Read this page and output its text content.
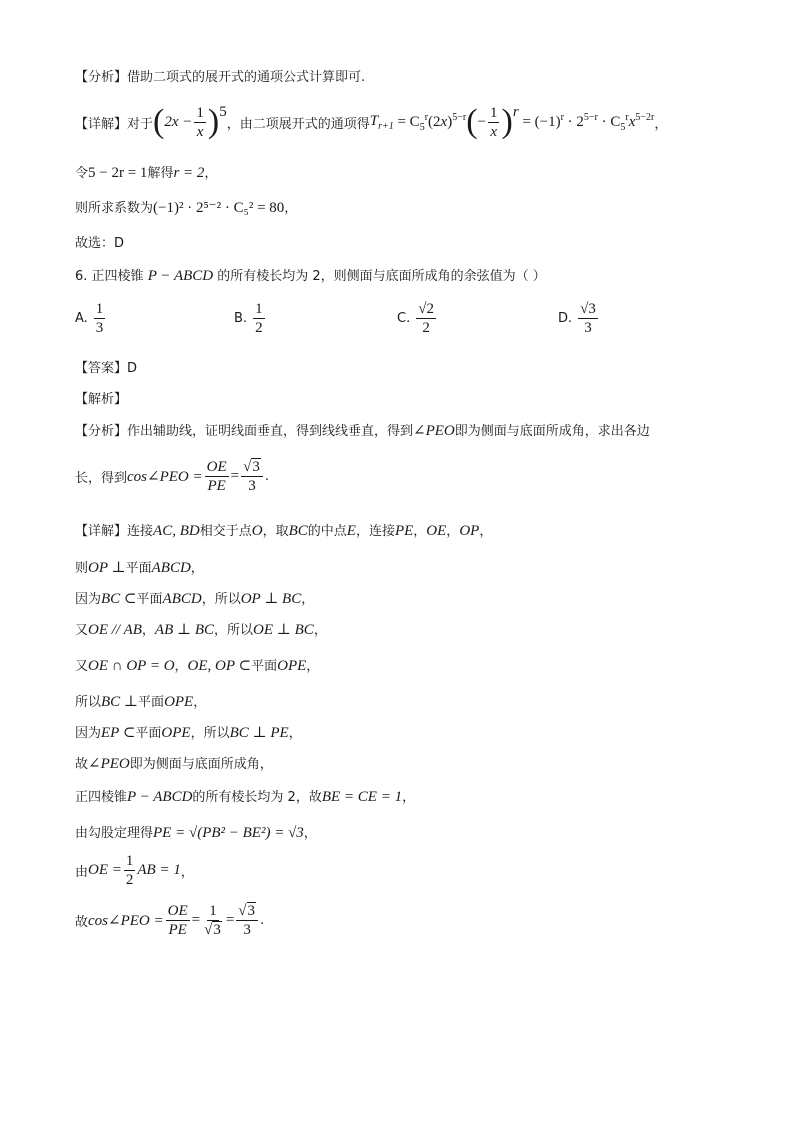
【分析】借助二项式的展开式的通项公式计算即可.
【详解】 对于 ( $2x - \frac{1}{x}$ ) 5
，由二项展开式的通项得 $T_{r+1} = C_5^r(2x)^{5-r}$ ( − $\frac{1}{x}$ ) r
= $(-1)^r \cdot 2^{5-r} \cdot C_5^rx^{5-2r}$ ，
令5 − 2r = 1解得r = 2，
则所求系数为(−1)² · 2⁵⁻² · C₅² = 80，
故选：D
6. 正四棱锥 P − ABCD 的所有棱长均为 2，则侧面与底面所成角的余弦值为（ ）
A. $\frac{1}{3}$	B. $\frac{1}{2}$	C. $\frac{√2}{2}$	D. $\frac{√3}{3}$
【答案】D
【解析】
【分析】作出辅助线，证明线面垂直，得到线线垂直，得到∠PEO即为侧面与底面所成角，求出各边
长，得到 cos∠PEO = $\frac{OE}{PE} = \frac{√3}{3}$ .
【详解】连接AC, BD相交于点O，取BC的中点E，连接PE，OE，OP，
则OP ⊥平面ABCD，
因为BC ⊂平面ABCD，所以OP ⊥ BC，
又OE // AB，AB ⊥ BC，所以OE ⊥ BC，
又OE ∩ OP = O，OE, OP ⊂平面OPE，
所以BC ⊥平面OPE，
因为EP ⊂平面OPE，所以BC ⊥ PE，
故∠PEO即为侧面与底面所成角，
正四棱锥P − ABCD的所有棱长均为 2，故BE = CE = 1，
由勾股定理得PE = √(PB² − BE²) = √3，
由 OE = $\frac{1}{2}$ AB = 1 ，
故 cos∠PEO = $\frac{OE}{PE} = \frac{1}{√3} = \frac{√3}{3}$ .
